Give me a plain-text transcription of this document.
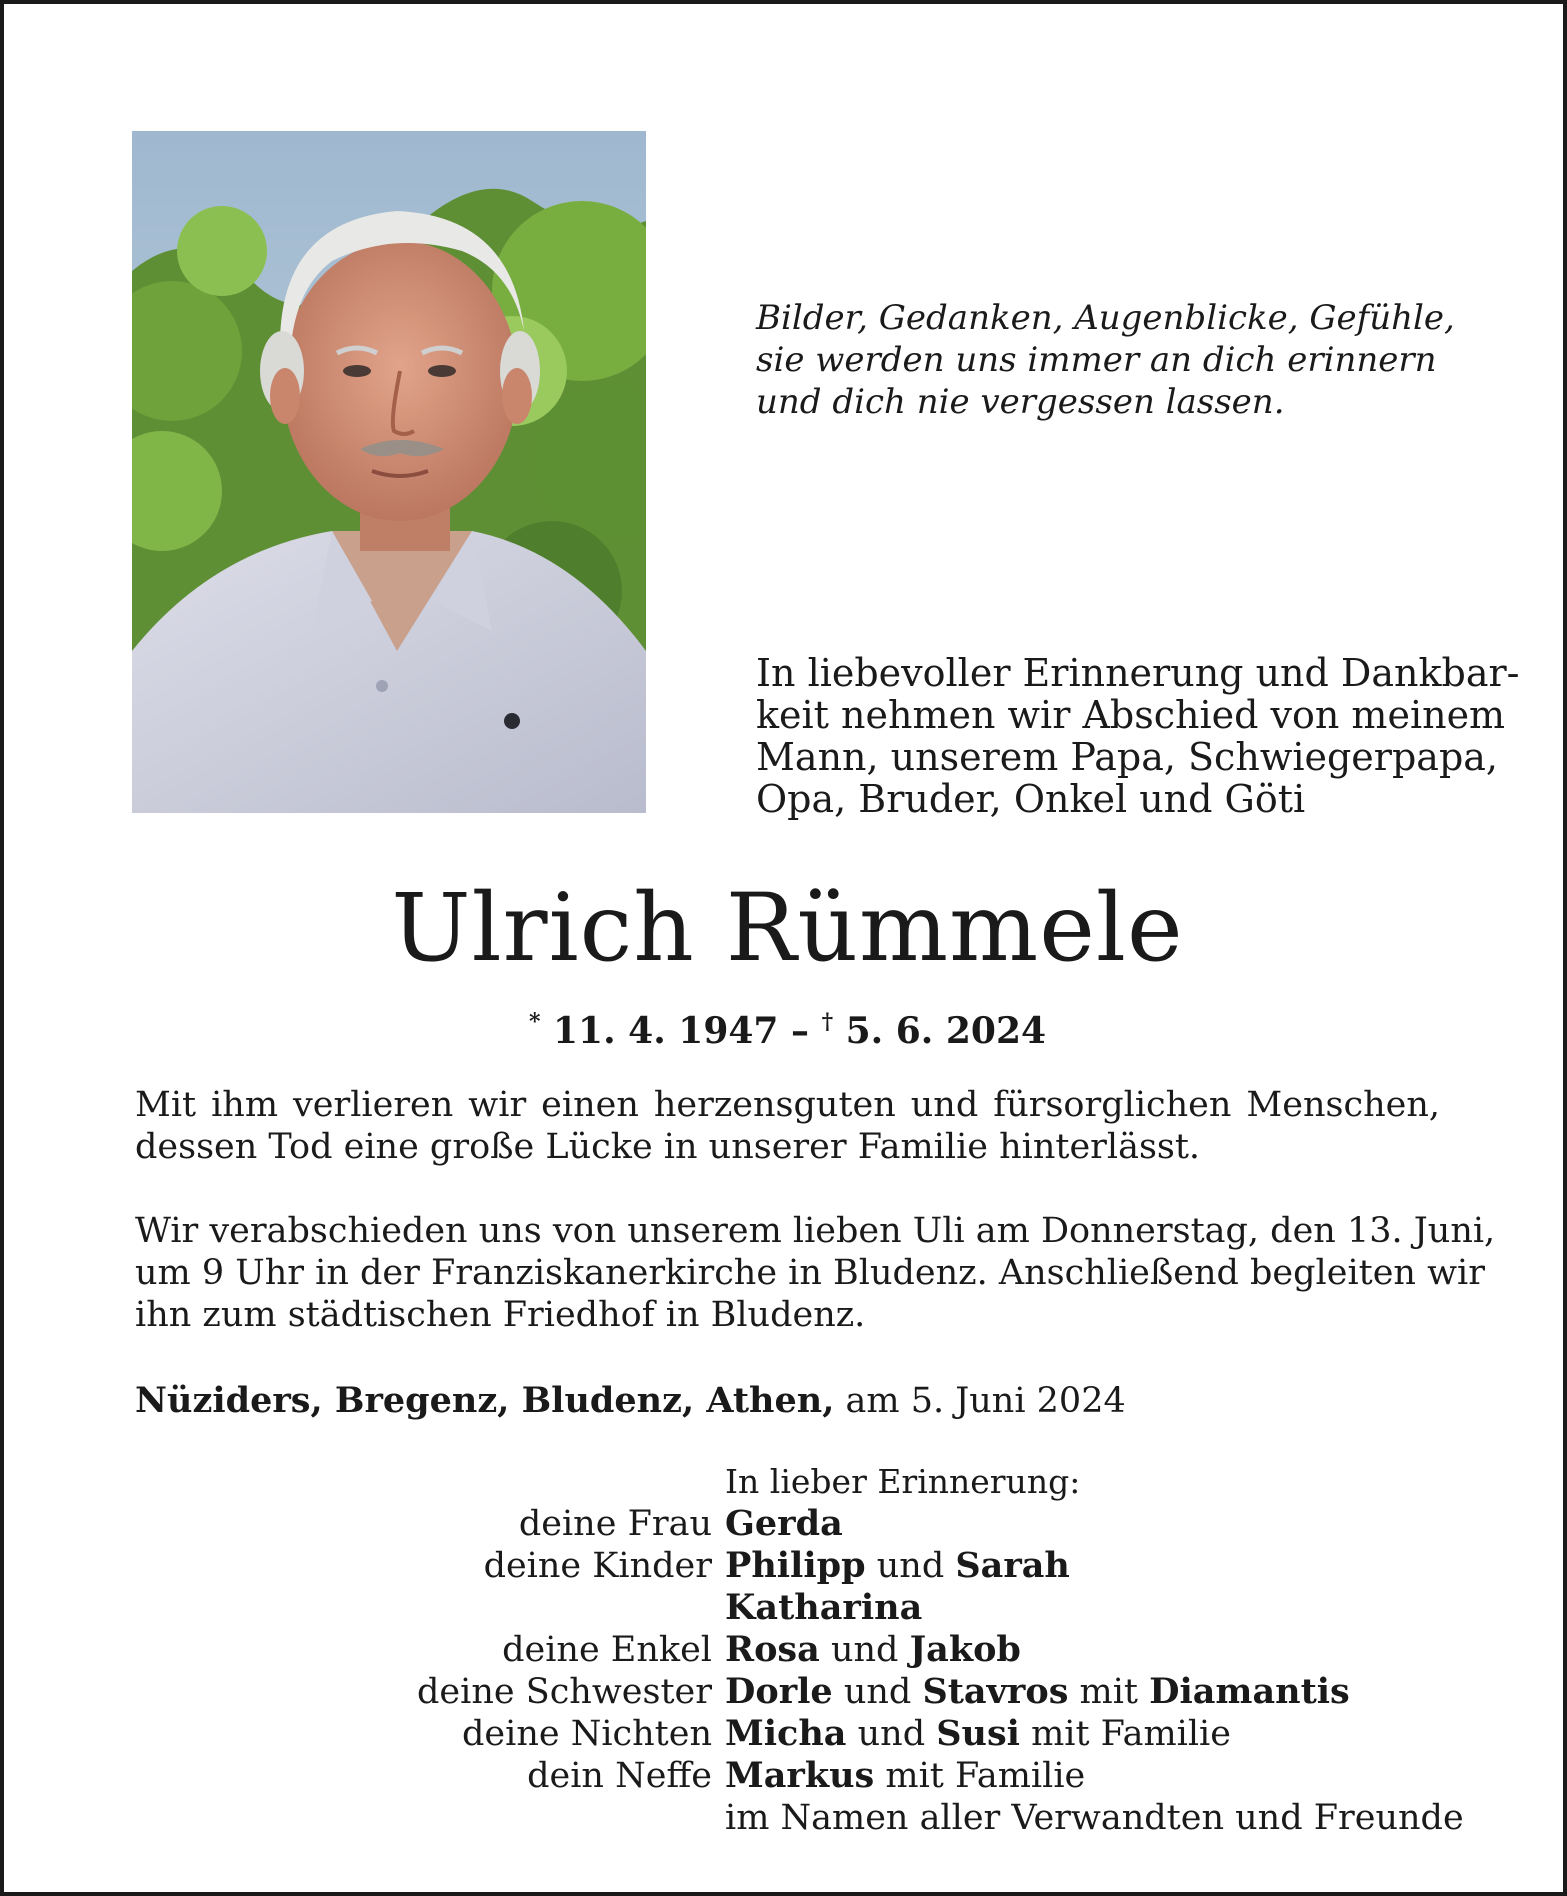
Bilder, Gedanken, Augenblicke, Gefühle,
sie werden uns immer an dich erinnern
und dich nie vergessen lassen.
In liebevoller Erinnerung und Dankbar-
keit nehmen wir Abschied von meinem
Mann, unserem Papa, Schwiegerpapa,
Opa, Bruder, Onkel und Göti
Ulrich Rümmele
* 11. 4. 1947 – † 5. 6. 2024
Mit ihm verlieren wir einen herzensguten und fürsorglichen Menschen,
dessen Tod eine große Lücke in unserer Familie hinterlässt.
Wir verabschieden uns von unserem lieben Uli am Donnerstag, den 13. Juni,
um 9 Uhr in der Franziskanerkirche in Bludenz. Anschließend begleiten wir
ihn zum städtischen Friedhof in Bludenz.
Nüziders, Bregenz, Bludenz, Athen, am 5. Juni 2024
In lieber Erinnerung:
deine Frau Gerda
deine Kinder Philipp und Sarah
Katharina
deine Enkel Rosa und Jakob
deine Schwester Dorle und Stavros mit Diamantis
deine Nichten Micha und Susi mit Familie
dein Neffe Markus mit Familie
im Namen aller Verwandten und Freunde
